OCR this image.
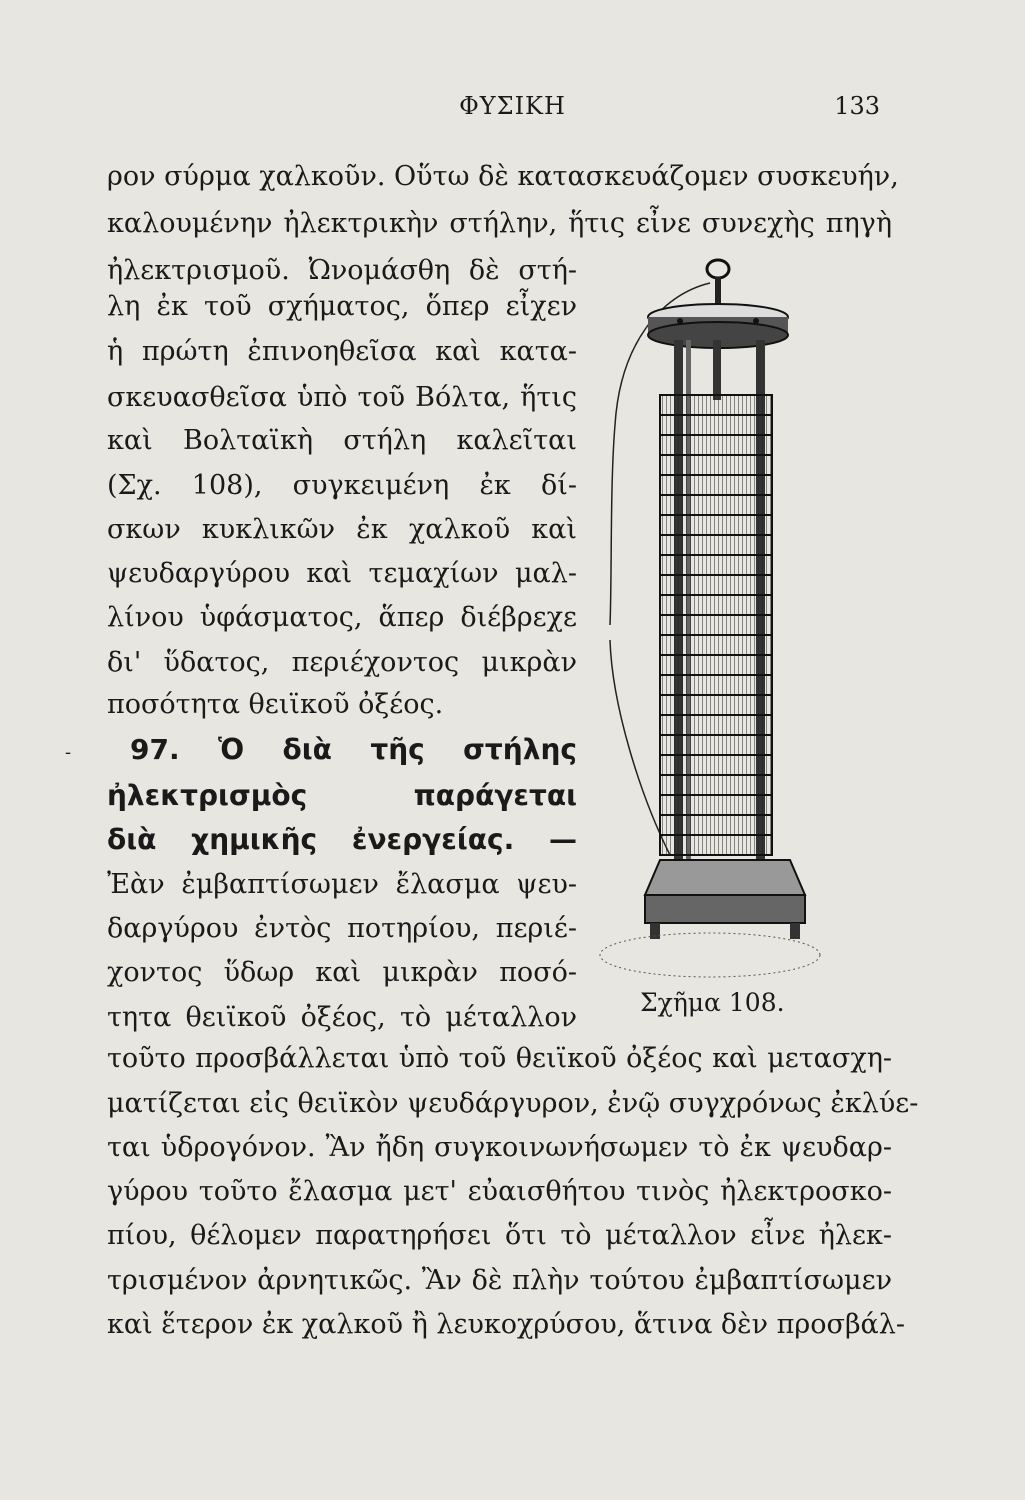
ΦΥΣΙΚΗ	133
ρον σύρμα χαλκοῦν. Οὕτω δὲ κατασκευάζομεν συσκευήν,
καλουμένην ἠλεκτρικὴν στήλην, ἥτις εἶνε συνεχὴς πηγὴ
ἠλεκτρισμοῦ. Ὠνομάσθη δὲ στή-
λη ἐκ τοῦ σχήματος, ὅπερ εἶχεν
ἡ πρώτη ἐπινοηθεῖσα καὶ κατα-
σκευασθεῖσα ὑπὸ τοῦ Βόλτα, ἥτις
καὶ Βολταϊκὴ στήλη καλεῖται
(Σχ. 108), συγκειμένη ἐκ δί-
σκων κυκλικῶν ἐκ χαλκοῦ καὶ
ψευδαργύρου καὶ τεμαχίων μαλ-
λίνου ὑφάσματος, ἅπερ διέβρεχε
δι' ὕδατος, περιέχοντος μικρὰν
ποσότητα θειϊκοῦ ὀξέος.
- 97. Ὁ διὰ τῆς στήλης
ἠλεκτρισμὸς παράγεται
διὰ χημικῆς ἐνεργείας. —
Ἐὰν ἐμβαπτίσωμεν ἔλασμα ψευ-
δαργύρου ἐντὸς ποτηρίου, περιέ-
χοντος ὕδωρ καὶ μικρὰν ποσό-
τητα θειϊκοῦ ὀξέος, τὸ μέταλλον
τοῦτο προσβάλλεται ὑπὸ τοῦ θειϊκοῦ ὀξέος καὶ μετασχη-
ματίζεται εἰς θειϊκὸν ψευδάργυρον, ἐνῷ συγχρόνως ἐκλύε-
ται ὑδρογόνον. Ἂν ἤδη συγκοινωνήσωμεν τὸ ἐκ ψευδαρ-
γύρου τοῦτο ἔλασμα μετ' εὐαισθήτου τινὸς ἠλεκτροσκο-
πίου, θέλομεν παρατηρήσει ὅτι τὸ μέταλλον εἶνε ἠλεκ-
τρισμένον ἀρνητικῶς. Ἂν δὲ πλὴν τούτου ἐμβαπτίσωμεν
καὶ ἕτερον ἐκ χαλκοῦ ἢ λευκοχρύσου, ἅτινα δὲν προσβάλ-
Σχῆμα 108.
